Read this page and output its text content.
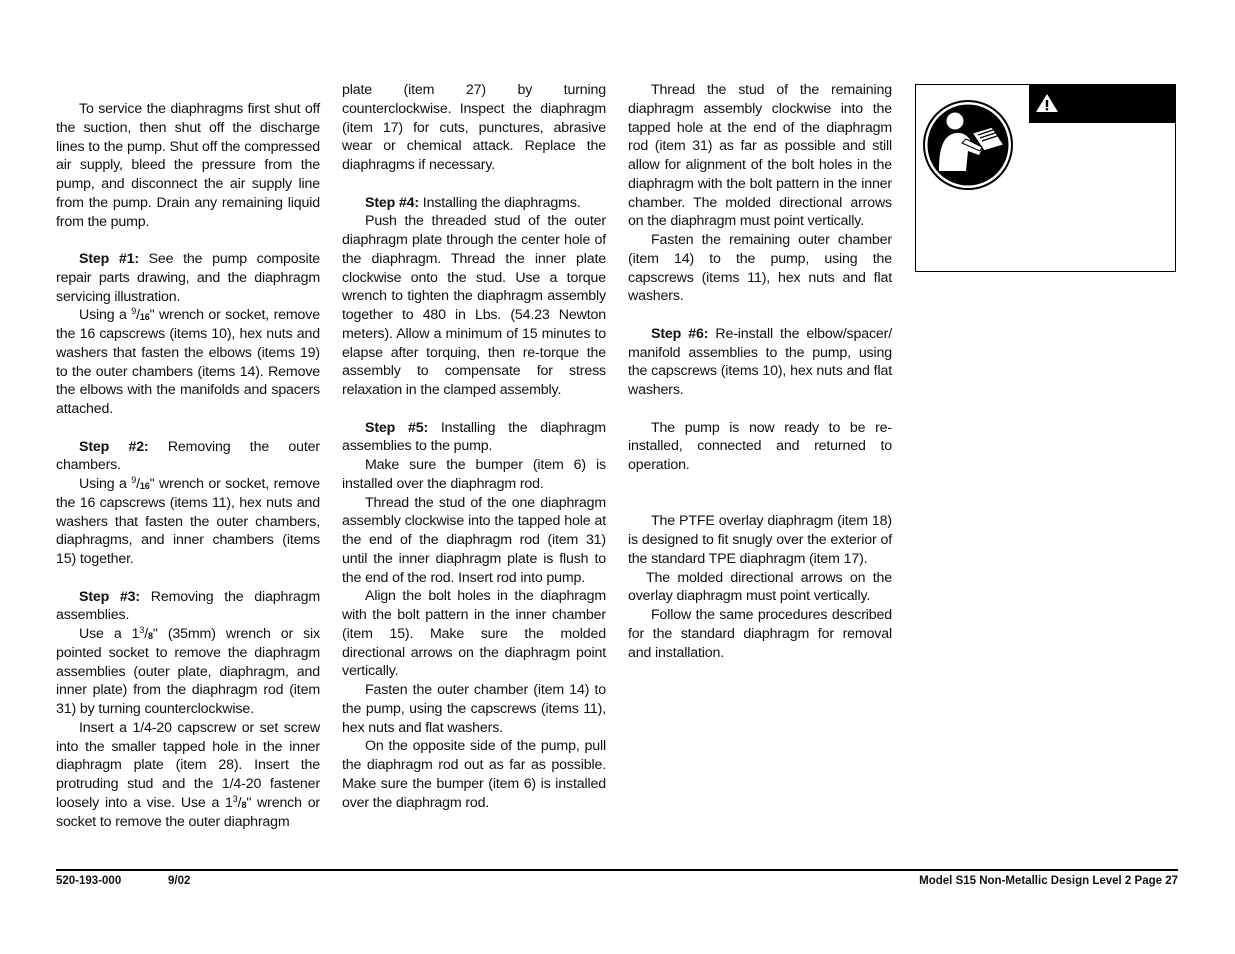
To service the diaphragms first shut off the suction, then shut off the discharge lines to the pump. Shut off the compressed air supply, bleed the pressure from the pump, and disconnect the air supply line from the pump. Drain any remaining liquid from the pump.

Step #1: See the pump composite repair parts drawing, and the diaphragm servicing illustration.

Using a $^9/_{16}$" wrench or socket, remove the 16 capscrews (items 10), hex nuts and washers that fasten the elbows (items 19) to the outer chambers (items 14). Remove the elbows with the manifolds and spacers attached.

Step #2: Removing the outer chambers.

Using a $^9/_{16}$" wrench or socket, remove the 16 capscrews (items 11), hex nuts and washers that fasten the outer chambers, diaphragms, and inner chambers (items 15) together.

Step #3: Removing the diaphragm assemblies.

Use a $1^3/_8$" (35mm) wrench or six pointed socket to remove the diaphragm assemblies (outer plate, diaphragm, and inner plate) from the diaphragm rod (item 31) by turning counterclockwise.

Insert a 1/4-20 capscrew or set screw into the smaller tapped hole in the inner diaphragm plate (item 28). Insert the protruding stud and the 1/4-20 fastener loosely into a vise. Use a $1^3/_8$" wrench or socket to remove the outer diaphragm

plate (item 27) by turning counterclockwise. Inspect the diaphragm (item 17) for cuts, punctures, abrasive wear or chemical attack. Replace the diaphragms if necessary.

Step #4: Installing the diaphragms.

Push the threaded stud of the outer diaphragm plate through the center hole of the diaphragm. Thread the inner plate clockwise onto the stud. Use a torque wrench to tighten the diaphragm assembly together to 480 in Lbs. (54.23 Newton meters). Allow a minimum of 15 minutes to elapse after torquing, then re-torque the assembly to compensate for stress relaxation in the clamped assembly.

Step #5: Installing the diaphragm assemblies to the pump.

Make sure the bumper (item 6) is installed over the diaphragm rod.

Thread the stud of the one diaphragm assembly clockwise into the tapped hole at the end of the diaphragm rod (item 31) until the inner diaphragm plate is flush to the end of the rod. Insert rod into pump.

Align the bolt holes in the diaphragm with the bolt pattern in the inner chamber (item 15). Make sure the molded directional arrows on the diaphragm point vertically.

Fasten the outer chamber (item 14) to the pump, using the capscrews (items 11), hex nuts and flat washers.

On the opposite side of the pump, pull the diaphragm rod out as far as possible. Make sure the bumper (item 6) is installed over the diaphragm rod.

Thread the stud of the remaining diaphragm assembly clockwise into the tapped hole at the end of the diaphragm rod (item 31) as far as possible and still allow for alignment of the bolt holes in the diaphragm with the bolt pattern in the inner chamber. The molded directional arrows on the diaphragm must point vertically.

Fasten the remaining outer chamber (item 14) to the pump, using the capscrews (items 11), hex nuts and flat washers.

Step #6: Re-install the elbow/spacer/ manifold assemblies to the pump, using the capscrews (items 10), hex nuts and flat washers.

The pump is now ready to be re-installed, connected and returned to operation.

The PTFE overlay diaphragm (item 18) is designed to fit snugly over the exterior of the standard TPE diaphragm (item 17).

The molded directional arrows on the overlay diaphragm must point vertically.

Follow the same procedures described for the standard diaphragm for removal and installation.

520-193-000	9/02	Model S15 Non-Metallic Design Level 2 Page 27
